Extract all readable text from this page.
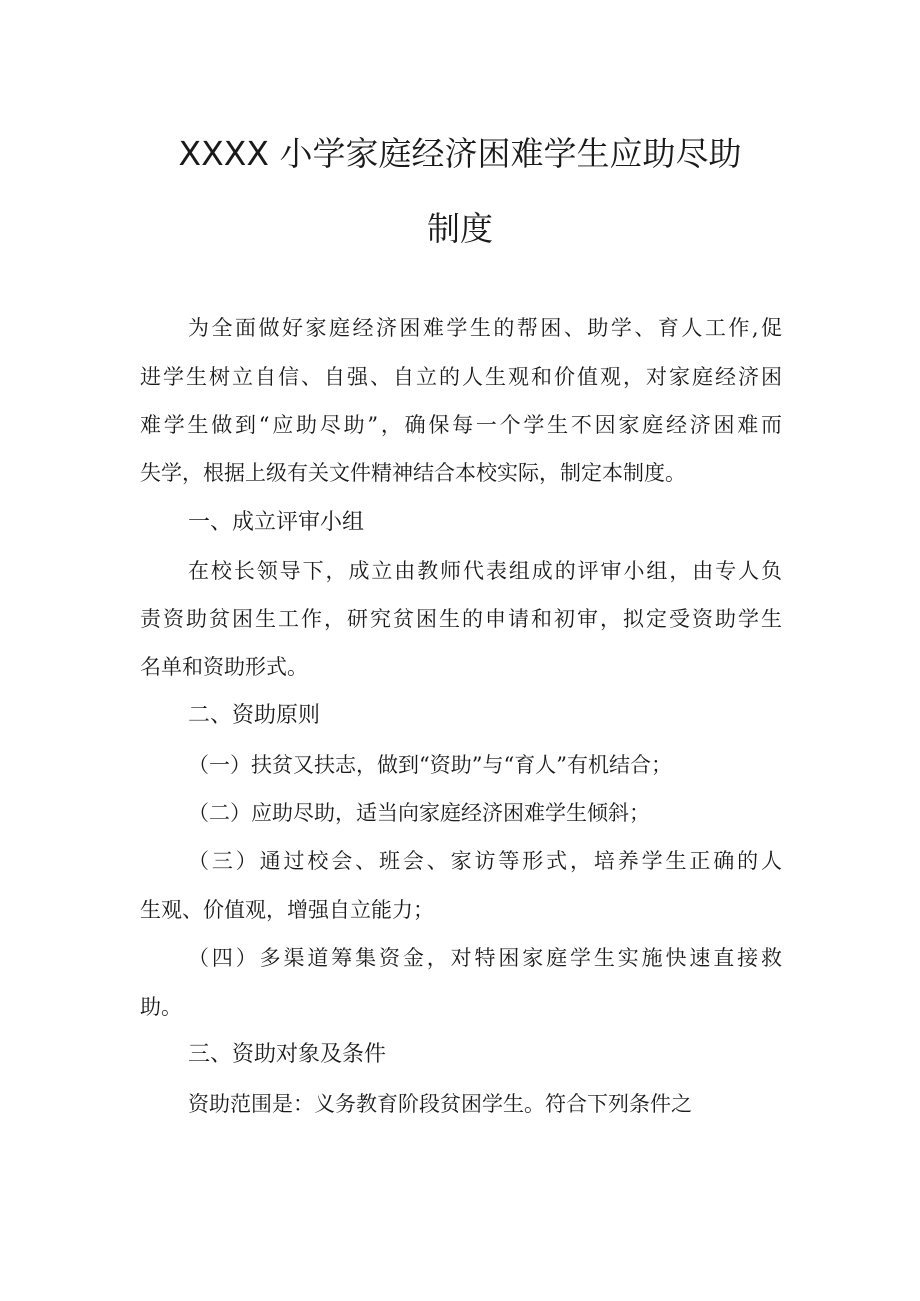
XXXX 小学家庭经济困难学生应助尽助
制度
为全面做好家庭经济困难学生的帮困、助学、育人工作,促
进学生树立自信、自强、自立的人生观和价值观，对家庭经济困
难学生做到“应助尽助”，确保每一个学生不因家庭经济困难而
失学，根据上级有关文件精神结合本校实际，制定本制度。
一、成立评审小组
在校长领导下，成立由教师代表组成的评审小组，由专人负
责资助贫困生工作，研究贫困生的申请和初审，拟定受资助学生
名单和资助形式。
二、资助原则
（一）扶贫又扶志，做到“资助”与“育人”有机结合；
（二）应助尽助，适当向家庭经济困难学生倾斜；
（三）通过校会、班会、家访等形式，培养学生正确的人
生观、价值观，增强自立能力；
（四）多渠道筹集资金，对特困家庭学生实施快速直接救
助。
三、资助对象及条件
资助范围是：义务教育阶段贫困学生。符合下列条件之
